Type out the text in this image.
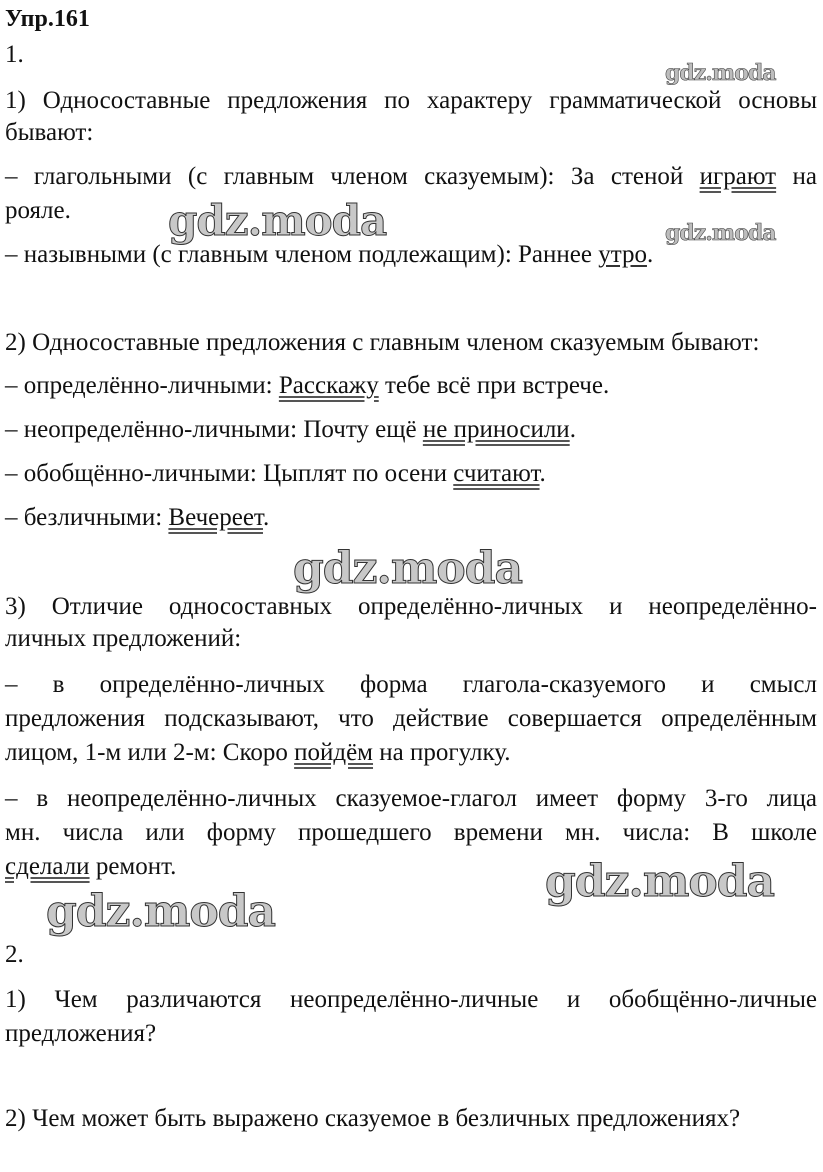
Упр.161
1.
1) Односоставные предложения по характеру грамматической основы
бывают:
– глагольными (с главным членом сказуемым): За стеной играют на
рояле.
– назывными (с главным членом подлежащим): Раннее утро.
2) Односоставные предложения с главным членом сказуемым бывают:
– определённо-личными: Расскажу тебе всё при встрече.
– неопределённо-личными: Почту ещё не приносили.
– обобщённо-личными: Цыплят по осени считают.
– безличными: Вечереет.
3) Отличие односоставных определённо-личных и неопределённо-
личных предложений:
– в определённо-личных форма глагола-сказуемого и смысл
предложения подсказывают, что действие совершается определённым
лицом, 1-м или 2-м: Скоро пойдём на прогулку.
– в неопределённо-личных сказуемое-глагол имеет форму 3-го лица
мн. числа или форму прошедшего времени мн. числа: В школе
сделали ремонт.
2.
1) Чем различаются неопределённо-личные и обобщённо-личные
предложения?
2) Чем может быть выражено сказуемое в безличных предложениях?
gdz.moda
gdz.moda	gdz.moda
gdz.moda
gdz.moda
gdz.moda
